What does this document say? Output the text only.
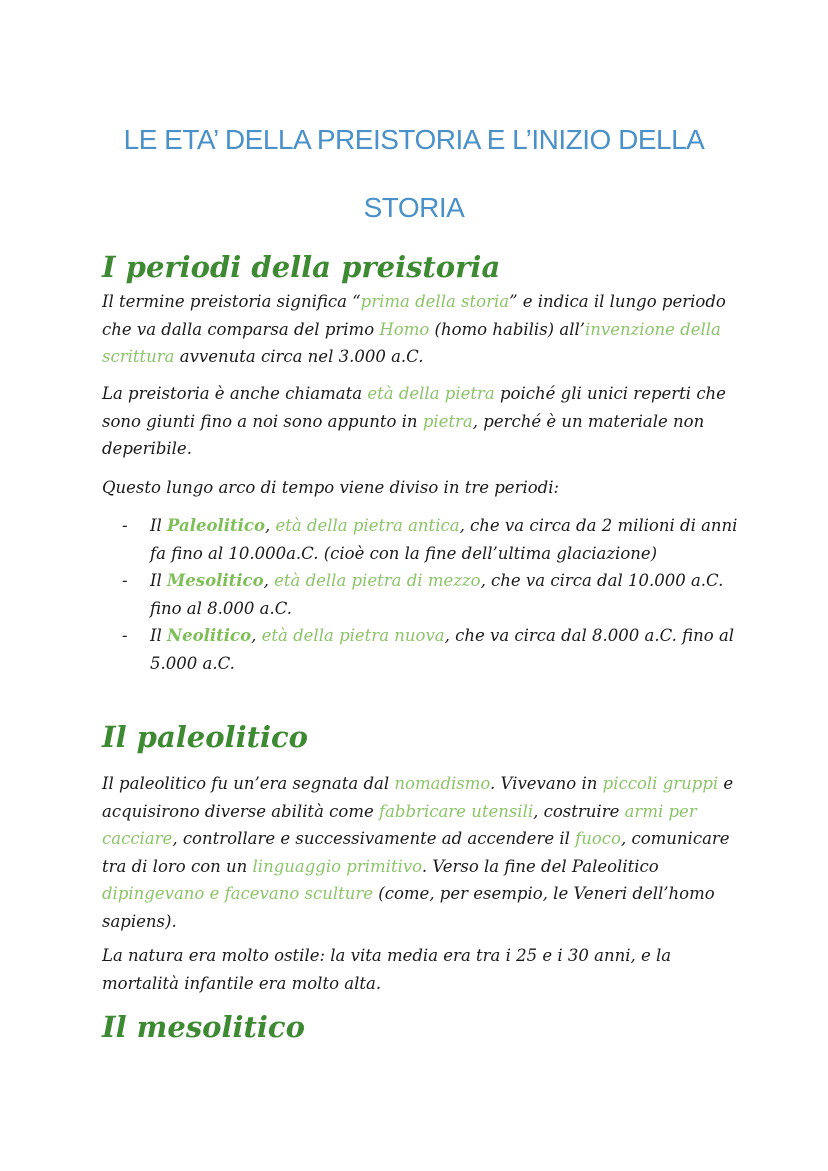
LE ETA’ DELLA PREISTORIA E L’INIZIO DELLA
STORIA
I periodi della preistoria

Il termine preistoria significa “prima della storia” e indica il lungo periodo che va dalla comparsa del primo Homo (homo habilis) all’invenzione della scrittura avvenuta circa nel 3.000 a.C.

La preistoria è anche chiamata età della pietra poiché gli unici reperti che sono giunti fino a noi sono appunto in pietra, perché è un materiale non deperibile.

Questo lungo arco di tempo viene diviso in tre periodi:

- Il Paleolitico, età della pietra antica, che va circa da 2 milioni di anni fa fino al 10.000a.C. (cioè con la fine dell’ultima glaciazione)
- Il Mesolitico, età della pietra di mezzo, che va circa dal 10.000 a.C. fino al 8.000 a.C.
- Il Neolitico, età della pietra nuova, che va circa dal 8.000 a.C. fino al 5.000 a.C.
Il paleolitico

Il paleolitico fu un’era segnata dal nomadismo. Vivevano in piccoli gruppi e acquisirono diverse abilità come fabbricare utensili, costruire armi per cacciare, controllare e successivamente ad accendere il fuoco, comunicare tra di loro con un linguaggio primitivo. Verso la fine del Paleolitico dipingevano e facevano sculture (come, per esempio, le Veneri dell’homo sapiens).

La natura era molto ostile: la vita media era tra i 25 e i 30 anni, e la mortalità infantile era molto alta.

Il mesolitico
